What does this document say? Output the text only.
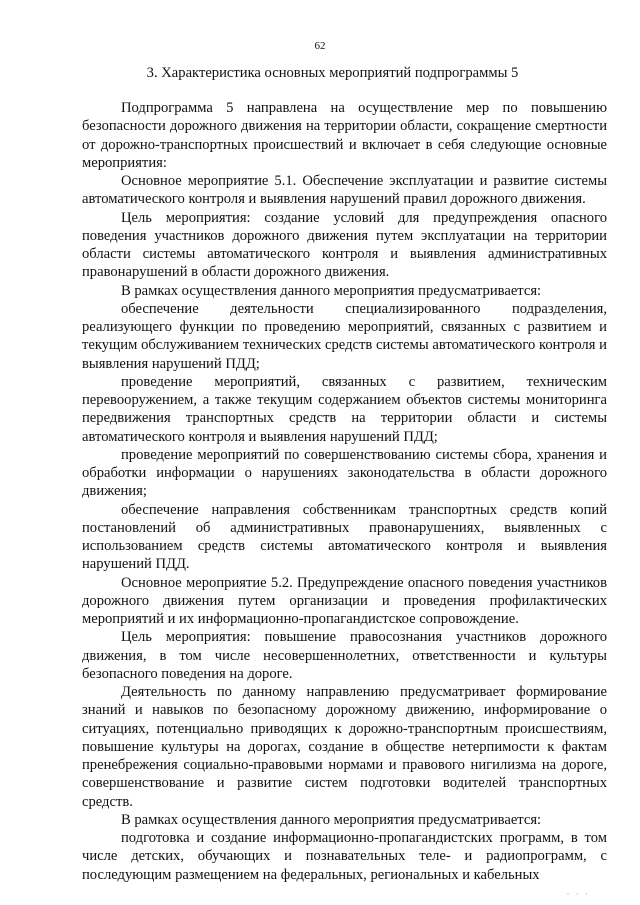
62
3. Характеристика основных мероприятий подпрограммы 5

Подпрограмма 5 направлена на осуществление мер по повышению безопасности дорожного движения на территории области, сокращение смертности от дорожно-транспортных происшествий и включает в себя следующие основные мероприятия:

Основное мероприятие 5.1. Обеспечение эксплуатации и развитие системы автоматического контроля и выявления нарушений правил дорожного движения.

Цель мероприятия: создание условий для предупреждения опасного поведения участников дорожного движения путем эксплуатации на территории области системы автоматического контроля и выявления административных правонарушений в области дорожного движения.

В рамках осуществления данного мероприятия предусматривается:

обеспечение деятельности специализированного подразделения, реализующего функции по проведению мероприятий, связанных с развитием и текущим обслуживанием технических средств системы автоматического контроля и выявления нарушений ПДД;

проведение мероприятий, связанных с развитием, техническим перевооружением, а также текущим содержанием объектов системы мониторинга передвижения транспортных средств на территории области и системы автоматического контроля и выявления нарушений ПДД;

проведение мероприятий по совершенствованию системы сбора, хранения и обработки информации о нарушениях законодательства в области дорожного движения;

обеспечение направления собственникам транспортных средств копий постановлений об административных правонарушениях, выявленных с использованием средств системы автоматического контроля и выявления нарушений ПДД.

Основное мероприятие 5.2. Предупреждение опасного поведения участников дорожного движения путем организации и проведения профилактических мероприятий и их информационно-пропагандистское сопровождение.

Цель мероприятия: повышение правосознания участников дорожного движения, в том числе несовершеннолетних, ответственности и культуры безопасного поведения на дороге.

Деятельность по данному направлению предусматривает формирование знаний и навыков по безопасному дорожному движению, информирование о ситуациях, потенциально приводящих к дорожно-транспортным происшествиям, повышение культуры на дорогах, создание в обществе нетерпимости к фактам пренебрежения социально-правовыми нормами и правового нигилизма на дороге, совершенствование и развитие систем подготовки водителей транспортных средств.

В рамках осуществления данного мероприятия предусматривается:

подготовка и создание информационно-пропагандистских программ, в том числе детских, обучающих и познавательных теле- и радиопрограмм, с последующим размещением на федеральных, региональных и кабельных

· · ·
